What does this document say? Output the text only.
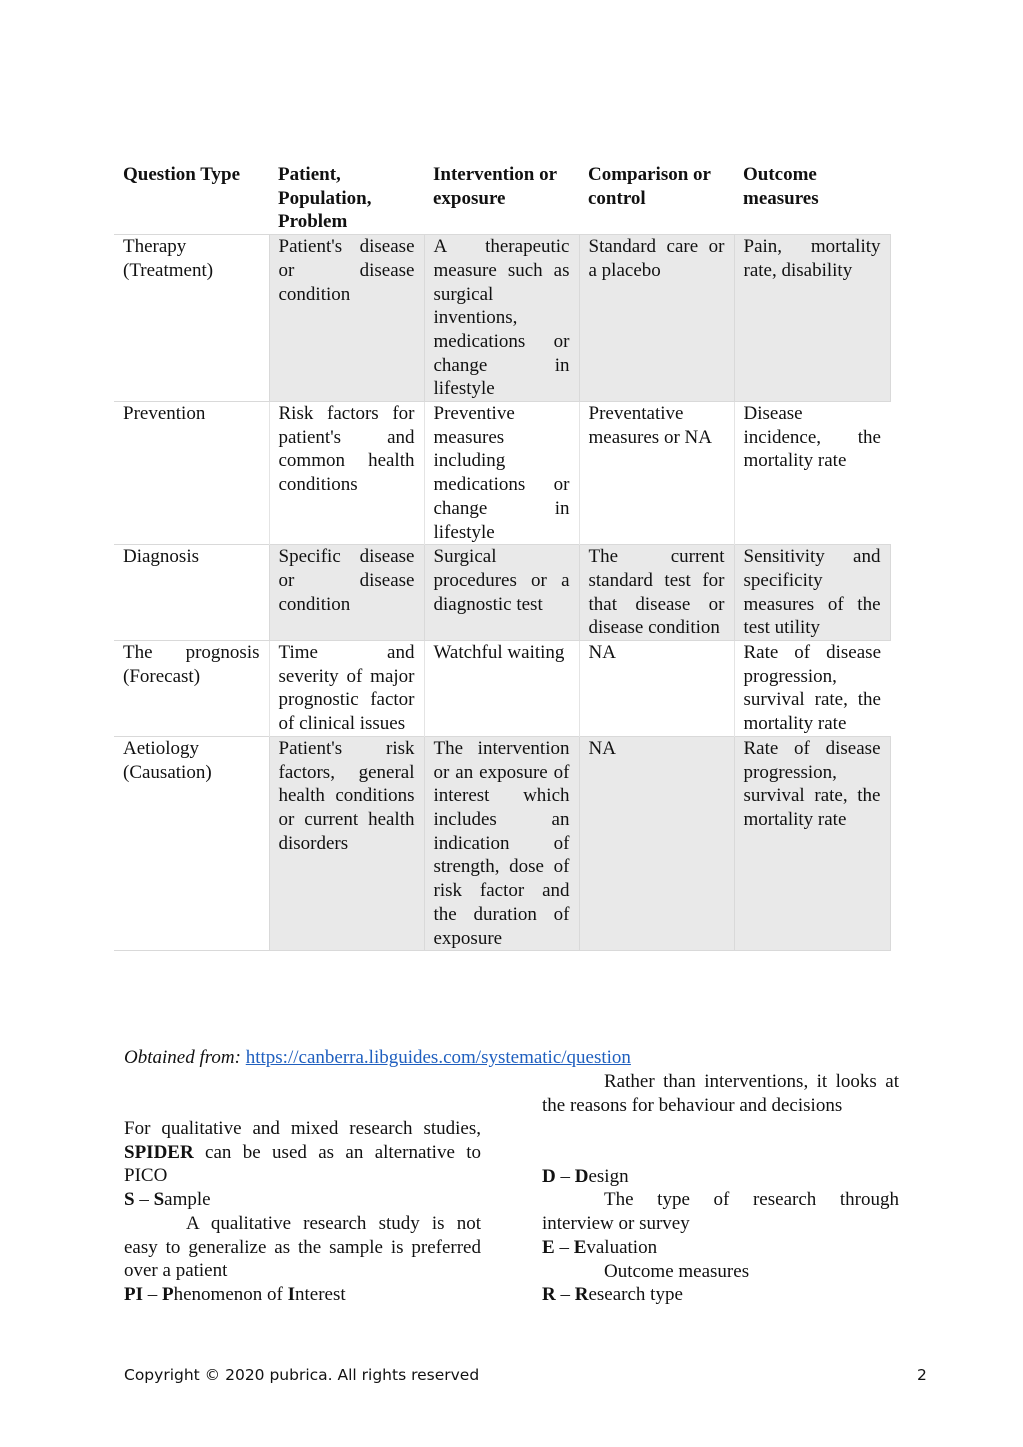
Question Type	Patient, Population, Problem	Intervention or exposure	Comparison or control	Outcome measures
Therapy (Treatment)	Patient's disease or disease condition	A therapeutic measure such as surgical inventions, medications or change in lifestyle	Standard care or a placebo	Pain, mortality rate, disability
Prevention	Risk factors for patient's and common health conditions	Preventive measures including medications or change in lifestyle	Preventative measures or NA	Disease incidence, the mortality rate
Diagnosis	Specific disease or disease condition	Surgical procedures or a diagnostic test	The current standard test for that disease or disease condition	Sensitivity and specificity measures of the test utility
The prognosis (Forecast)	Time and severity of major prognostic factor of clinical issues	Watchful waiting	NA	Rate of disease progression, survival rate, the mortality rate
Aetiology (Causation)	Patient's risk factors, general health conditions or current health disorders	The intervention or an exposure of interest which includes an indication of strength, dose of risk factor and the duration of exposure	NA	Rate of disease progression, survival rate, the mortality rate
Obtained from: https://canberra.libguides.com/systematic/question
For qualitative and mixed research studies, SPIDER can be used as an alternative to PICO
S – Sample
A qualitative research study is not easy to generalize as the sample is preferred over a patient
PI – Phenomenon of Interest
Rather than interventions, it looks at the reasons for behaviour and decisions
D – Design
The type of research through interview or survey
E – Evaluation
Outcome measures
R – Research type
Copyright © 2020 pubrica. All rights reserved	2
